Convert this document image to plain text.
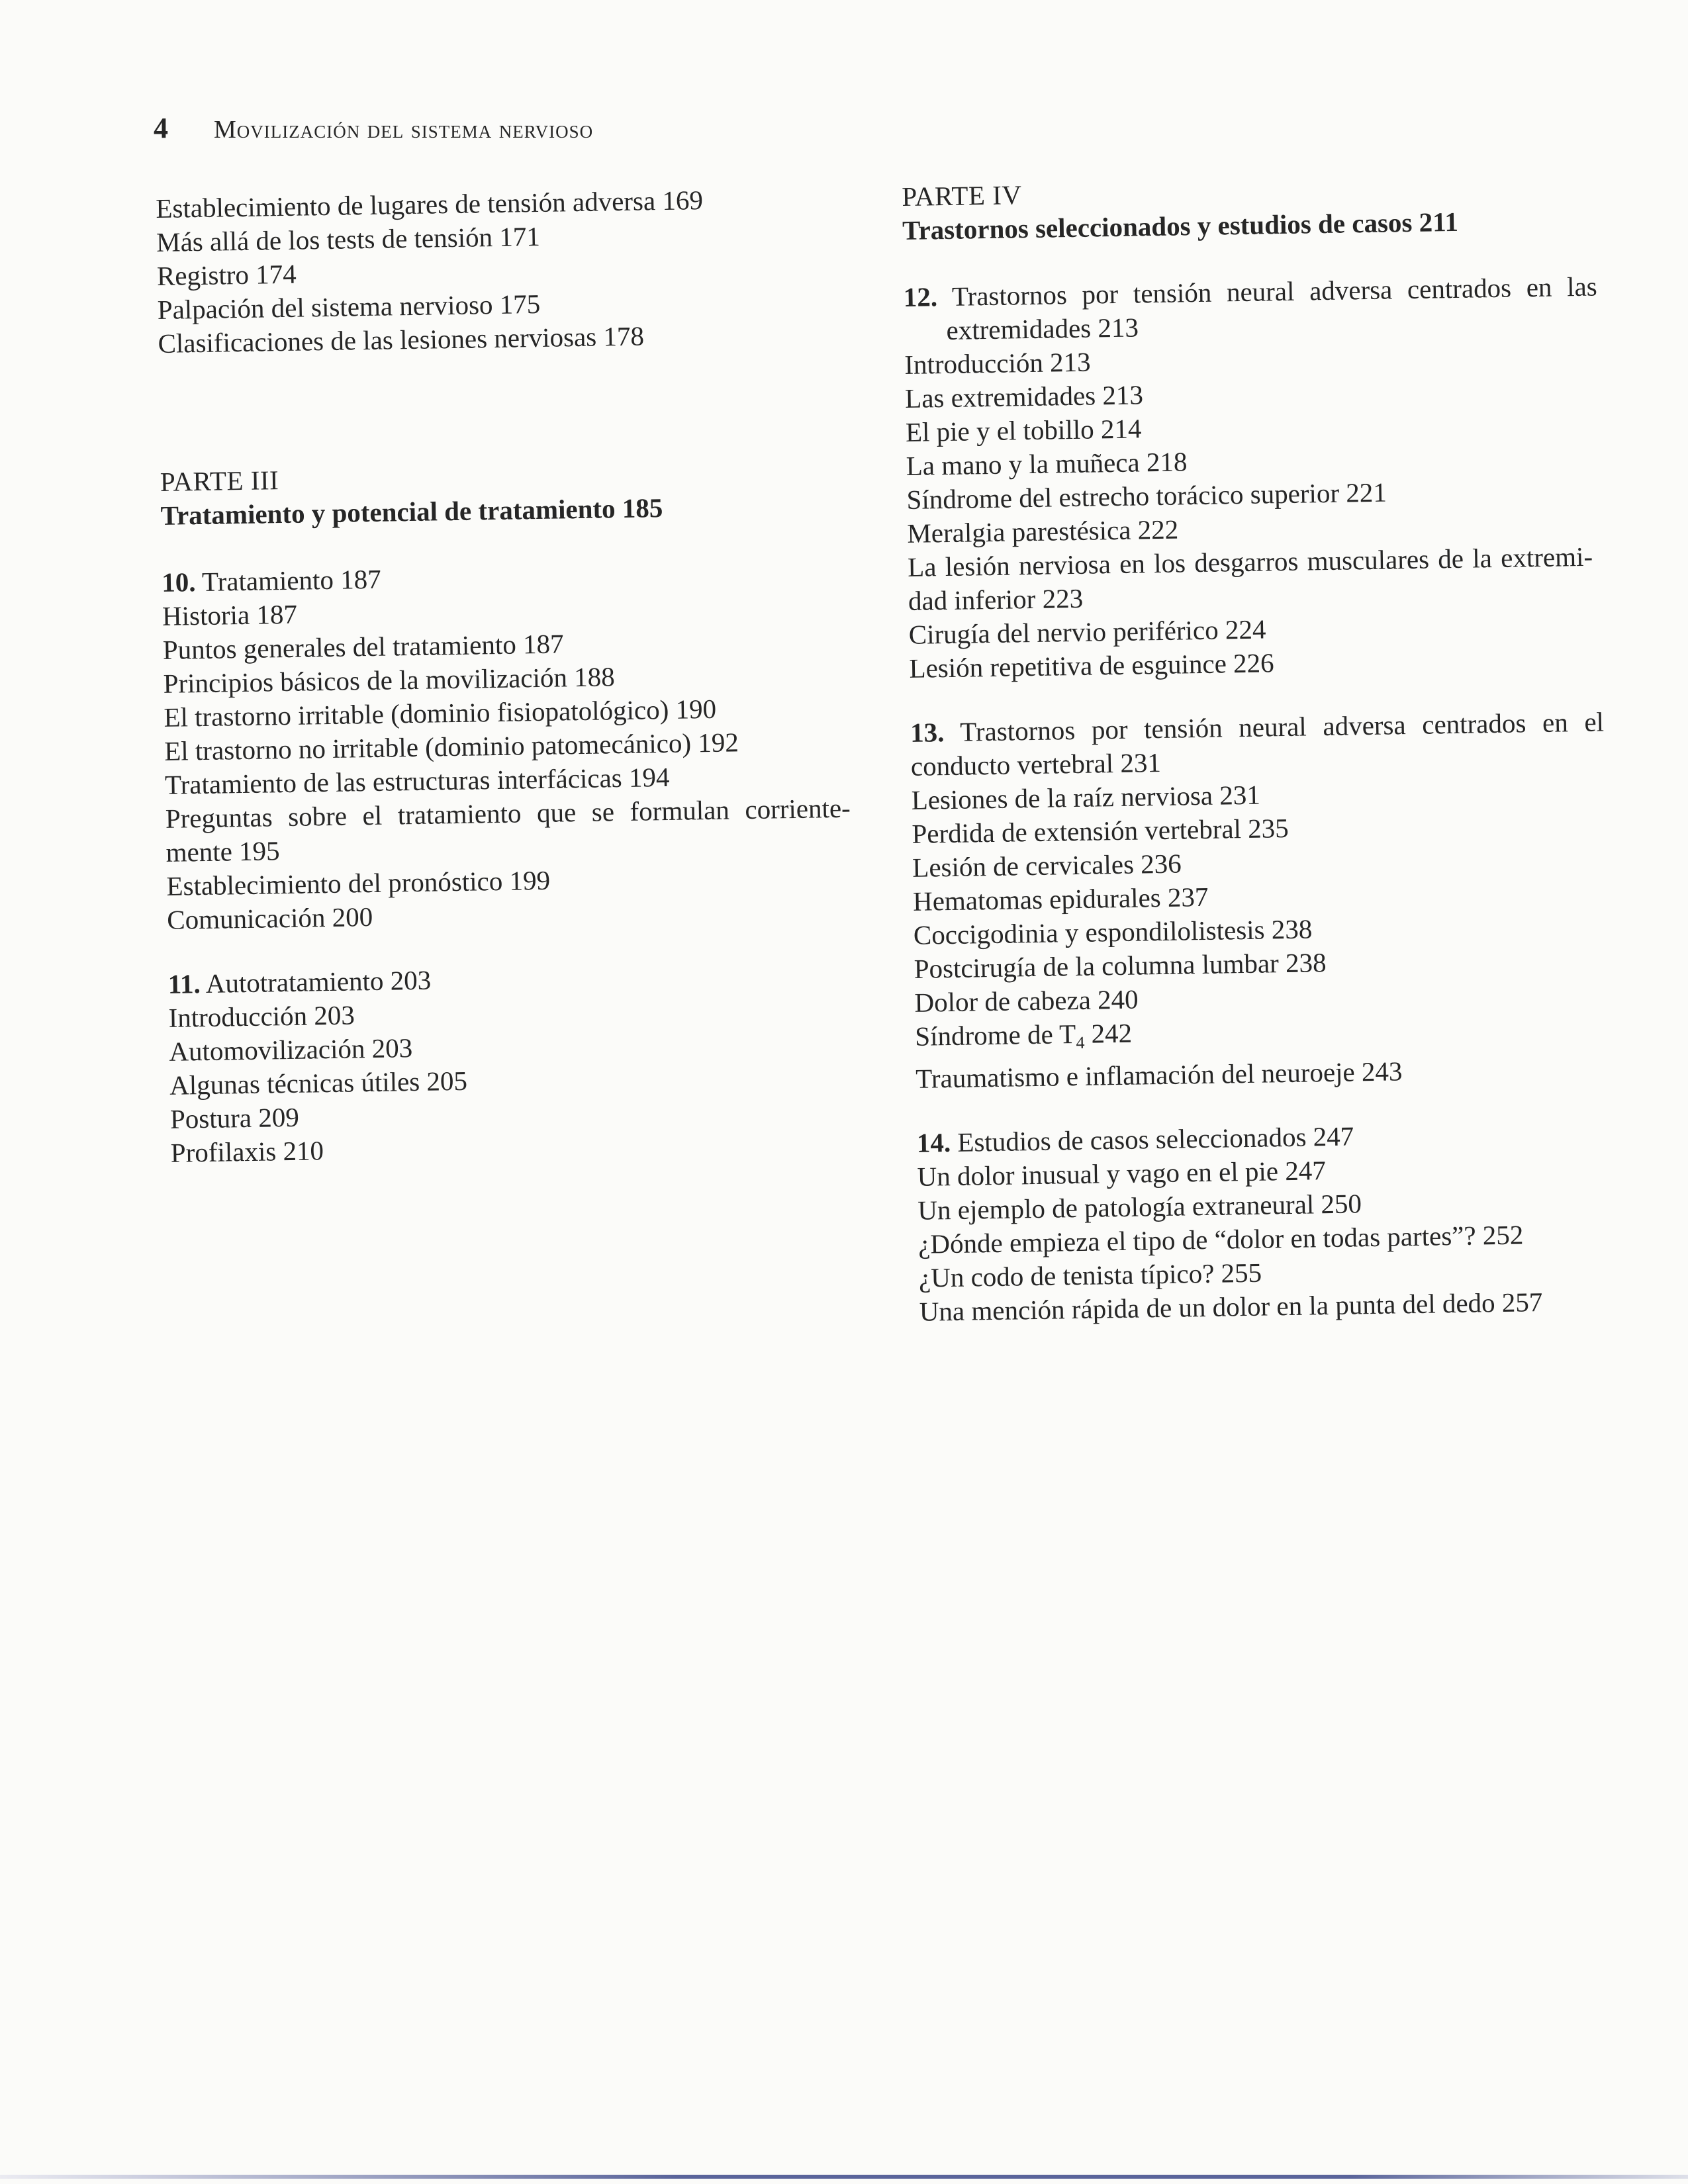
4 Movilización del sistema nervioso
Establecimiento de lugares de tensión adversa 169
Más allá de los tests de tensión 171
Registro 174
Palpación del sistema nervioso 175
Clasificaciones de las lesiones nerviosas 178
PARTE III
Tratamiento y potencial de tratamiento 185
10. Tratamiento 187
Historia 187
Puntos generales del tratamiento 187
Principios básicos de la movilización 188
El trastorno irritable (dominio fisiopatológico) 190
El trastorno no irritable (dominio patomecánico) 192
Tratamiento de las estructuras interfácicas 194
Preguntas sobre el tratamiento que se formulan corriente-mente 195
Establecimiento del pronóstico 199
Comunicación 200
11. Autotratamiento 203
Introducción 203
Automovilización 203
Algunas técnicas útiles 205
Postura 209
Profilaxis 210
PARTE IV
Trastornos seleccionados y estudios de casos 211
12. Trastornos por tensión neural adversa centrados en las extremidades 213
Introducción 213
Las extremidades 213
El pie y el tobillo 214
La mano y la muñeca 218
Síndrome del estrecho torácico superior 221
Meralgia parestésica 222
La lesión nerviosa en los desgarros musculares de la extremi-dad inferior 223
Cirugía del nervio periférico 224
Lesión repetitiva de esguince 226
13. Trastornos por tensión neural adversa centrados en el conducto vertebral 231
Lesiones de la raíz nerviosa 231
Perdida de extensión vertebral 235
Lesión de cervicales 236
Hematomas epidurales 237
Coccigodinia y espondilolistesis 238
Postcirugía de la columna lumbar 238
Dolor de cabeza 240
Síndrome de $T_4$ 242
Traumatismo e inflamación del neuroeje 243
14. Estudios de casos seleccionados 247
Un dolor inusual y vago en el pie 247
Un ejemplo de patología extraneural 250
¿Dónde empieza el tipo de “dolor en todas partes”? 252
¿Un codo de tenista típico? 255
Una mención rápida de un dolor en la punta del dedo 257
